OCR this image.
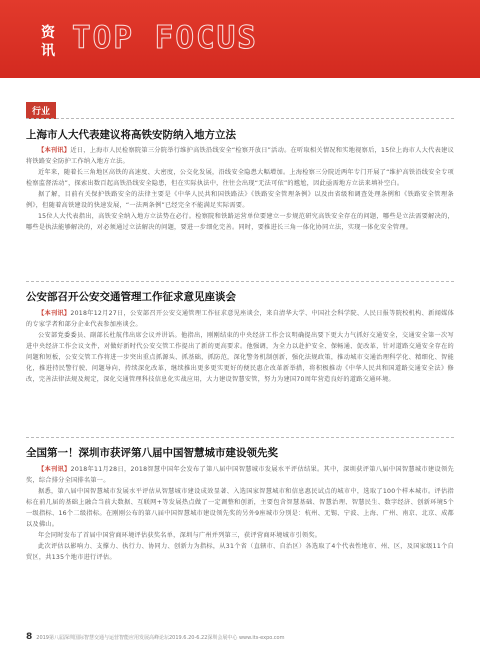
资
讯 TOP FOCUS
行业
上海市人大代表建议将高铁安防纳入地方立法

【本刊讯】近日，上海市人民检察院第三分院举行维护高铁沿线安全“检察开放日”活动。在听取相关情况和实地视察后，15位上海市人大代表建议将铁路安全防护工作纳入地方立法。

近年来，随着长三角地区高铁的高速度、大密度，公交化发展，沿线安全隐患大幅增加。上海检察三分院近两年专门开展了“维护高铁沿线安全专项检察监督活动”，探索出数百起高铁沿线安全隐患，但在实际执法中，往往会出现“无法可依”的尴尬，因此亟需地方立法来填补空白。

据了解，目前有关保护铁路安全的法律主要是《中华人民共和国铁路法》《铁路安全管理条例》以及由省级和调查处理条例和《铁路安全管理条例》，但随着高铁建设的快速发展，“一法两条例”已经完全不能满足实际需要。

15位人大代表指出，高铁安全纳入地方立法势在必行。检察院和铁路运营单位要建立一步规范研究高铁安全存在的问题，哪些是立法需要解决的，哪些是执法能够解决的，对必须通过立法解决的问题，要进一步细化完善。同时，要推进长三角一体化协同立法，实现一体化安全管理。

公安部召开公安交通管理工作征求意见座谈会

【本刊讯】2018年12月27日，公安部召开公安交通管理工作征求意见座谈会，来自清华大学、中国社会科学院、人民日报等院校机构、新闻媒体的专家学者和部分企业代表参加座谈会。

公安部党委委员、副部长杜航伟出席会议并讲话。他指出，刚刚结束的中央经济工作会议明确提出要下更大力气抓好交通安全，交通安全第一次写进中央经济工作会议文件，对做好新时代公安交管工作提出了新的更高要求。他强调，为全力以赴护安全、保畅通、促改革，针对道路交通安全存在的问题和短板，公安交管工作将进一步突出重点抓源头、抓基础，抓防范，深化警务机制创新，强化法规政策，推动城市交通治理科学化、精细化、智能化，推进持民警行驶、问题导向，持续深化改革，继续推出更多更实更好的便民惠企改革新举措，将积极推动《中华人民共和国道路交通安全法》修改，完善法律法规及规定，深化交通管理科技信息化实战应用，大力建设智慧安管，努力为建国70周年营造良好的道路交通环境。

全国第一！深圳市获评第八届中国智慧城市建设领先奖

【本刊讯】2018年11月28日，2018智慧中国年会发布了第八届中国智慧城市发展水平评估结果。其中，深圳获评第八届中国智慧城市建设领先奖，综合排分全国排名第一。

据悉，第八届中国智慧城市发展水平评估从智慧城市建设成效显著、入选国家智慧城市和信息惠民试点的城市中，选取了100个样本城市。评估指标在前几届的基础上融合当前大数据、互联网+等发展热点做了一定调整和创新，主要包含智慧基础、智慧治理、智慧民生、数字经济、创新环境5个一级指标、16个二级指标。在刚刚公布的第八届中国智慧城市建设领先奖的另外9座城市分别是：杭州、无锡、宁波、上海、广州、南京、北京、成都以及佛山。

年会同时发布了首届中国营商环境评估获奖名单，深圳与广州并列第三，获评营商环境城市引领奖。

此次评估以影响力、支撑力、执行力、协同力、创新力为指标，从31个省（直辖市、自治区）各选取了4个代表性地市、州、区，及国家级11个自贸区，共135个地市进行评估。

8 2019第八届深圳国际智慧交通与运营智能应用发展高峰论坛2019.6.20-6.22深圳会展中心 www.its-expo.com
